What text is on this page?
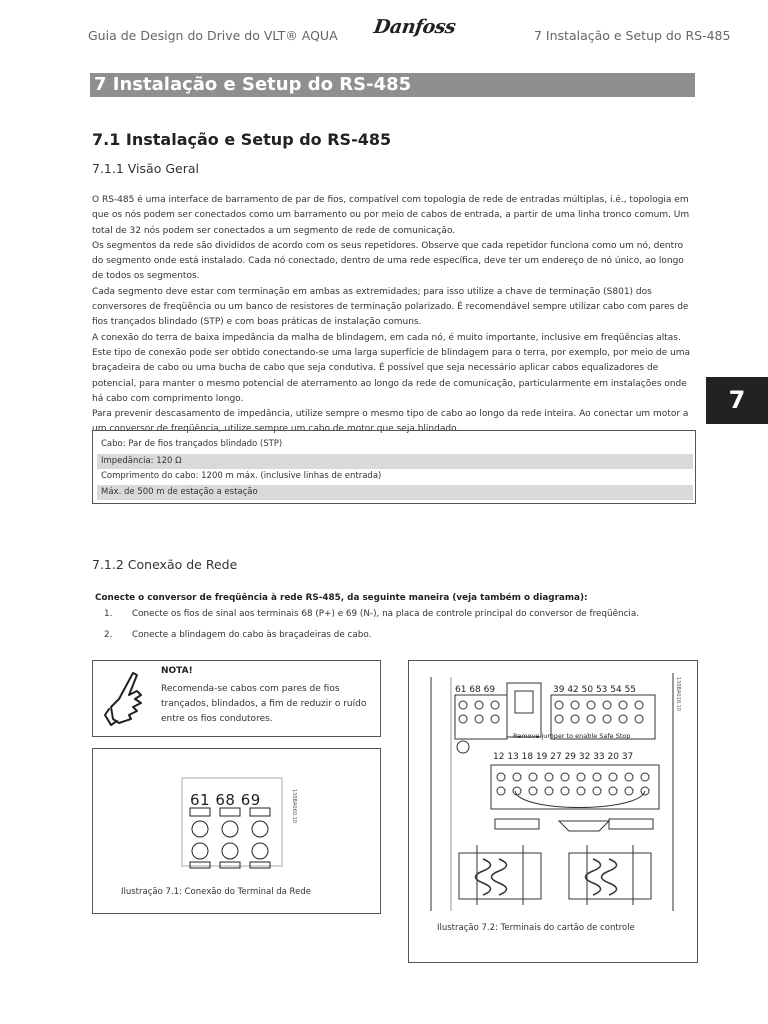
Guia de Design do Drive do VLT® AQUA Danfoss	7 Instalação e Setup do RS-485
7 Instalação e Setup do RS-485
7
7.1 Instalação e Setup do RS-485
7.1.1 Visão Geral

O RS-485 é uma interface de barramento de par de fios, compatível com topologia de rede de entradas múltiplas, i.é., topologia em que os nós podem ser conectados como um barramento ou por meio de cabos de entrada, a partir de uma linha tronco comum. Um total de 32 nós podem ser conectados a um segmento de rede de comunicação.

Os segmentos da rede são divididos de acordo com os seus repetidores. Observe que cada repetidor funciona como um nó, dentro do segmento onde está instalado. Cada nó conectado, dentro de uma rede específica, deve ter um endereço de nó único, ao longo de todos os segmentos.

Cada segmento deve estar com terminação em ambas as extremidades; para isso utilize a chave de terminação (S801) dos conversores de freqüência ou um banco de resistores de terminação polarizado. É recomendável sempre utilizar cabo com pares de fios trançados blindado (STP) e com boas práticas de instalação comuns.

A conexão do terra de baixa impedância da malha de blindagem, em cada nó, é muito importante, inclusive em freqüências altas. Este tipo de conexão pode ser obtido conectando-se uma larga superfície de blindagem para o terra, por exemplo, por meio de uma braçadeira de cabo ou uma bucha de cabo que seja condutiva. É possível que seja necessário aplicar cabos equalizadores de potencial, para manter o mesmo potencial de aterramento ao longo da rede de comunicação, particularmente em instalações onde há cabo com comprimento longo.

Para prevenir descasamento de impedância, utilize sempre o mesmo tipo de cabo ao longo da rede inteira. Ao conectar um motor a um conversor de freqüência, utilize sempre um cabo de motor que seja blindado.

Cabo: Par de fios trançados blindado (STP)
Impedância: 120 Ω
Comprimento do cabo: 1200 m máx. (inclusive linhas de entrada)
Máx. de 500 m de estação a estação
7.1.2 Conexão de Rede
Conecte o conversor de freqüência à rede RS-485, da seguinte maneira (veja também o diagrama):
1. Conecte os fios de sinal aos terminais 68 (P+) e 69 (N-), na placa de controle principal do conversor de freqüência.
2. Conecte a blindagem do cabo às braçadeiras de cabo.
NOTA!
Recomenda-se cabos com pares de fios trançados, blindados, a fim de reduzir o ruído entre os fios condutores.
61 68 69	130BA060.10
Ilustração 7.1: Conexão do Terminal da Rede
61 68 69	39 42 50 53 54 55
Remove jumper to enable Safe Stop
12 13 18 19 27 29 32 33 20 37
130BA018.10
Ilustração 7.2: Terminais do cartão de controle
